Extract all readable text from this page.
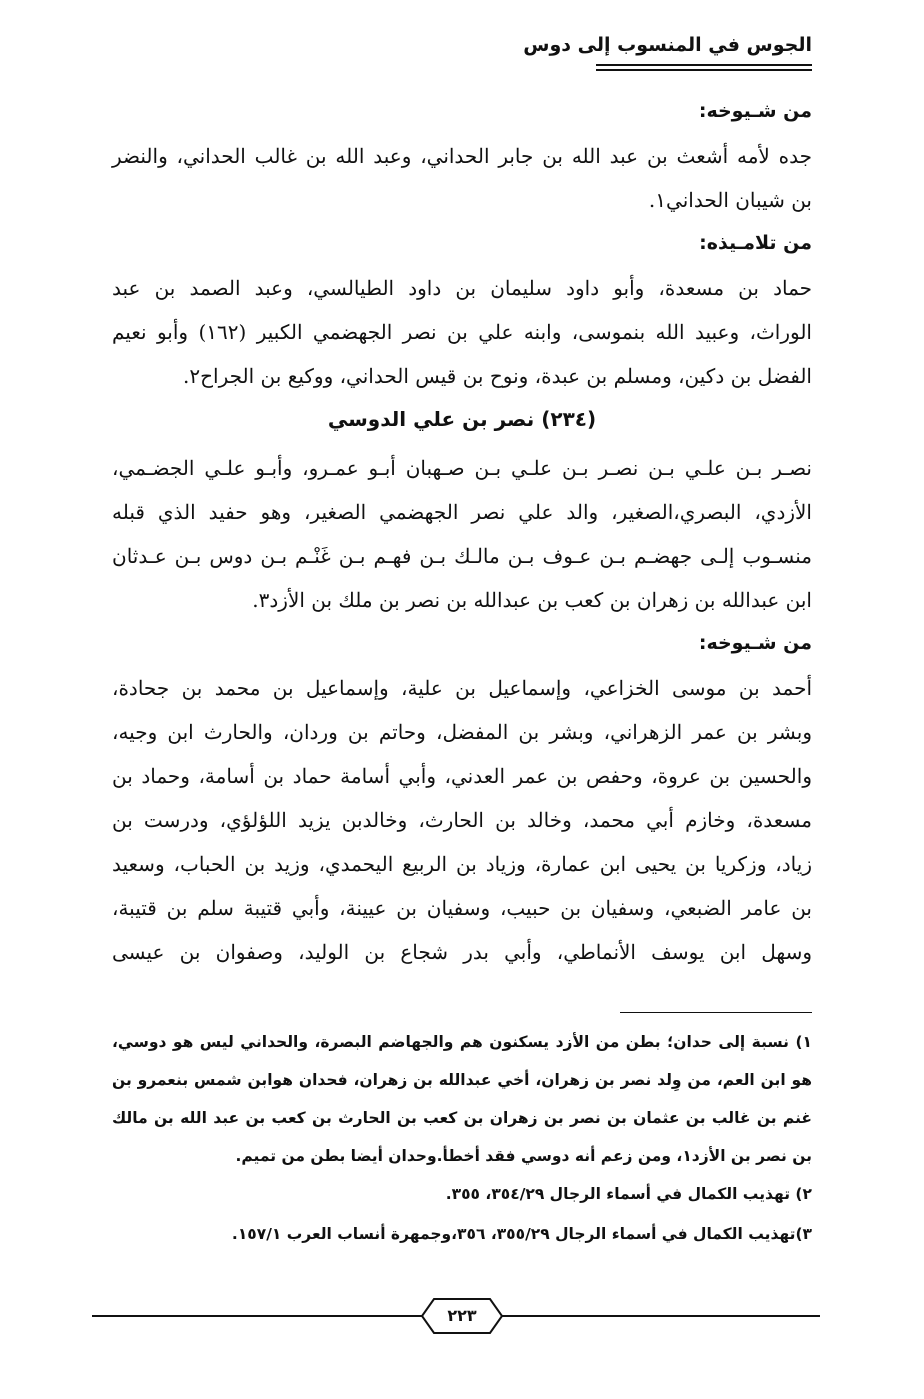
الجوس في المنسوب إلى دوس
من شـيوخه:
جده لأمه أشعث بن عبد الله بن جابر الحداني، وعبد الله بن غالب الحداني، والنضر
بن شيبان الحداني١.
من تلامـيذه:
حماد بن مسعدة، وأبو داود سليمان بن داود الطيالسي، وعبد الصمد بن عبد
الوراث، وعبيد الله بنموسى، وابنه علي بن نصر الجهضمي الكبير (١٦٢) وأبو نعيم
الفضل بن دكين، ومسلم بن عبدة، ونوح بن قيس الحداني، ووكيع بن الجراح٢.
(٢٣٤) نصر بن علي الدوسي
نصـر بـن علـي بـن نصـر بـن علـي بـن صـهبان أبـو عمـرو، وأبـو علـي الجضـمي،
الأزدي، البصري،الصغير، والد علي نصر الجهضمي الصغير، وهو حفيد الذي قبله
منسـوب إلـى جهضـم بـن عـوف بـن مالـك بـن فهـم بـن غَنْـم بـن دوس بـن عـدثان
ابن عبدالله بن زهران بن كعب بن عبدالله بن نصر بن ملك بن الأزد٣.
من شـيوخه:
أحمد بن موسى الخزاعي، وإسماعيل بن علية، وإسماعيل بن محمد بن جحادة،
وبشر بن عمر الزهراني، وبشر بن المفضل، وحاتم بن وردان، والحارث ابن وجيه،
والحسين بن عروة، وحفص بن عمر العدني، وأبي أسامة حماد بن أسامة، وحماد بن
مسعدة، وخازم أبي محمد، وخالد بن الحارث، وخالدبن يزيد اللؤلؤي، ودرست بن
زياد، وزكريا بن يحيى ابن عمارة، وزياد بن الربيع اليحمدي، وزيد بن الحباب، وسعيد
بن عامر الضبعي، وسفيان بن حبيب، وسفيان بن عيينة، وأبي قتيبة سلم بن قتيبة،
وسهل ابن يوسف الأنماطي، وأبي بدر شجاع بن الوليد، وصفوان بن عيسى
١) نسبة إلى حدان؛ بطن من الأزد يسكنون هم والجهاضم البصرة، والحداني ليس هو دوسي،
هو ابن العم، من وِلد نصر بن زهران، أخي عبدالله بن زهران، فحدان هوابن شمس بنعمرو بن
غنم بن غالب بن عثمان بن نصر بن زهران بن كعب بن الحارث بن كعب بن عبد الله بن مالك
بن نصر بن الأزد١، ومن زعم أنه دوسي فقد أخطأ.وحدان أيضا بطن من تميم.
٢) تهذيب الكمال في أسماء الرجال ٣٥٤/٢٩، ٣٥٥.
٣)تهذيب الكمال في أسماء الرجال ٣٥٥/٢٩، ٣٥٦،وجمهرة أنساب العرب ١٥٧/١.
٢٢٣
